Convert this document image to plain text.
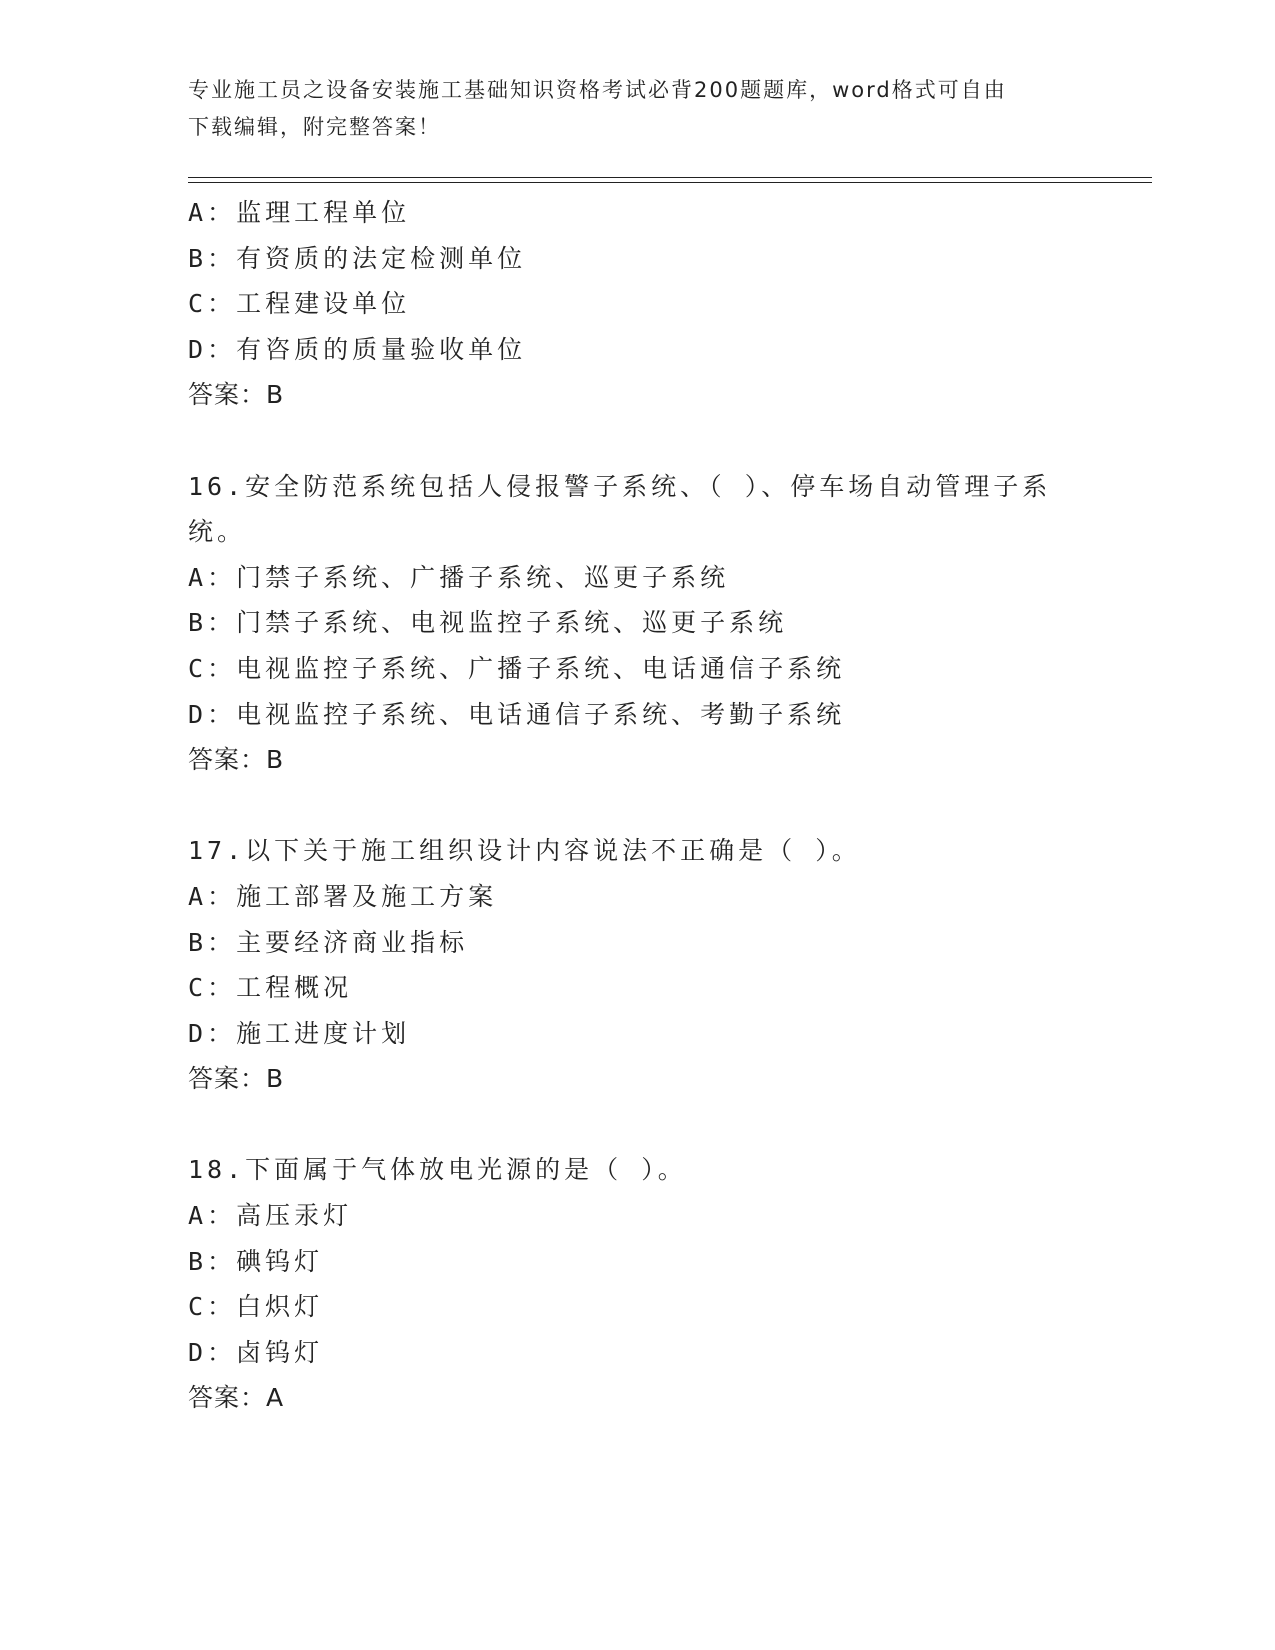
专业施工员之设备安装施工基础知识资格考试必背200题题库，word格式可自由
下载编辑，附完整答案！
A：监理工程单位
B：有资质的法定检测单位
C：工程建设单位
D：有咨质的质量验收单位
答案：B
16.安全防范系统包括人侵报警子系统、（ ）、停车场自动管理子系
统。
A：门禁子系统、广播子系统、巡更子系统
B：门禁子系统、电视监控子系统、巡更子系统
C：电视监控子系统、广播子系统、电话通信子系统
D：电视监控子系统、电话通信子系统、考勤子系统
答案：B
17.以下关于施工组织设计内容说法不正确是（ ）。
A：施工部署及施工方案
B：主要经济商业指标
C：工程概况
D：施工进度计划
答案：B
18.下面属于气体放电光源的是（ ）。
A：高压汞灯
B：碘钨灯
C：白炽灯
D：卤钨灯
答案：A
